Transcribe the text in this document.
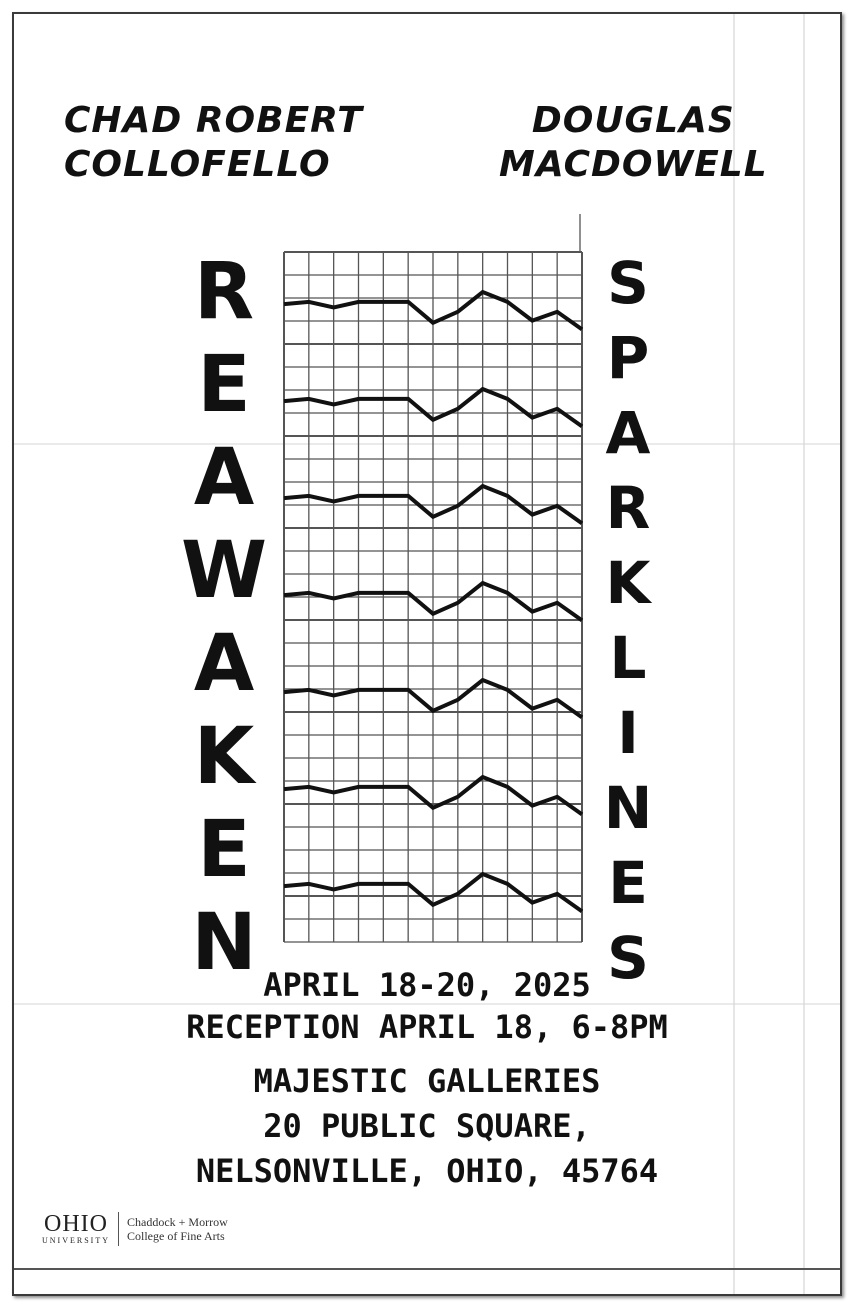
CHAD ROBERT
COLLOFELLO
DOUGLAS
MACDOWELL
R
E
A
W
A
K
E
N
S
P
A
R
K
L
I
N
E
S
APRIL 18-20, 2025
RECEPTION APRIL 18, 6-8PM
MAJESTIC GALLERIES
20 PUBLIC SQUARE,
NELSONVILLE, OHIO, 45764
OHIO
UNIVERSITY
Chaddock + Morrow
College of Fine Arts
